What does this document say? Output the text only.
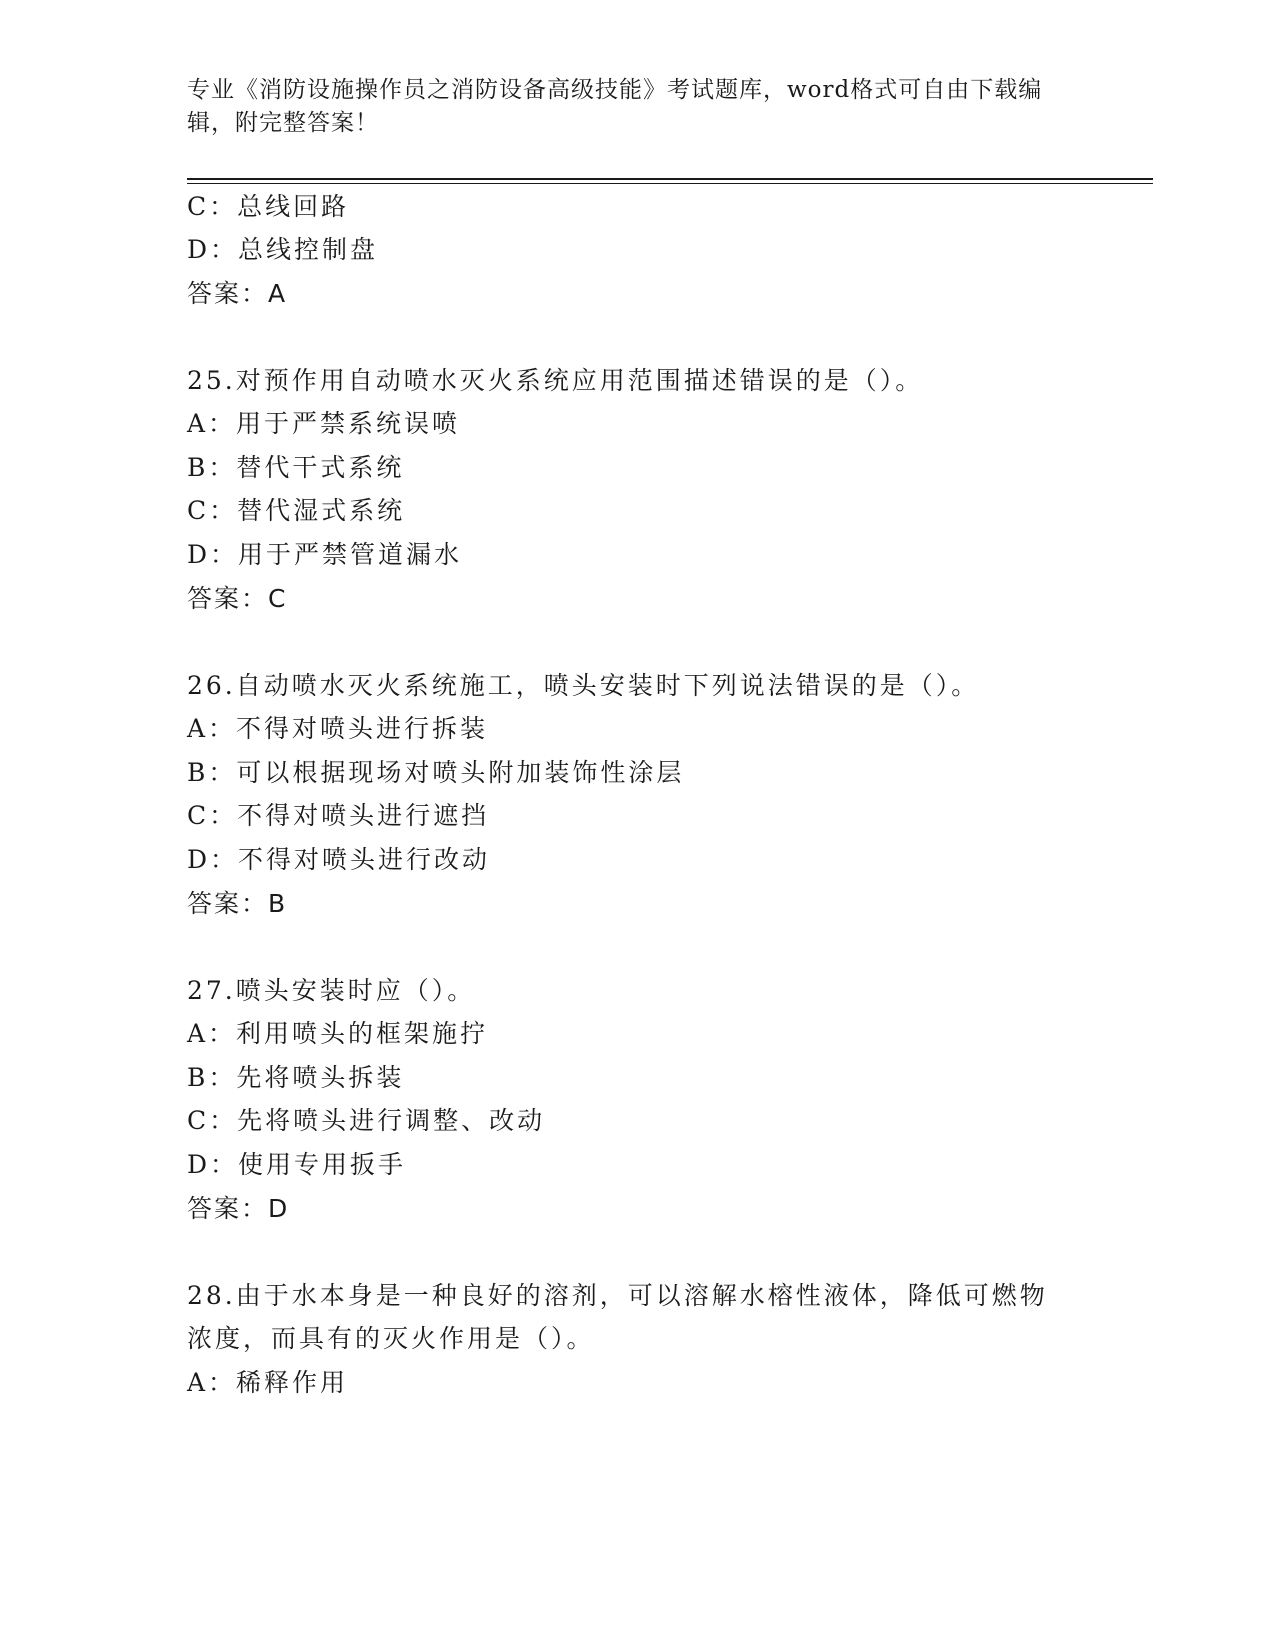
专业《消防设施操作员之消防设备高级技能》考试题库，word格式可自由下载编
辑，附完整答案！
C：总线回路
D：总线控制盘
答案：A
25.对预作用自动喷水灭火系统应用范围描述错误的是（）。
A：用于严禁系统误喷
B：替代干式系统
C：替代湿式系统
D：用于严禁管道漏水
答案：C
26.自动喷水灭火系统施工，喷头安装时下列说法错误的是（）。
A：不得对喷头进行拆装
B：可以根据现场对喷头附加装饰性涂层
C：不得对喷头进行遮挡
D：不得对喷头进行改动
答案：B
27.喷头安装时应（）。
A：利用喷头的框架施拧
B：先将喷头拆装
C：先将喷头进行调整、改动
D：使用专用扳手
答案：D
28.由于水本身是一种良好的溶剂，可以溶解水榕性液体，降低可燃物
浓度，而具有的灭火作用是（）。
A：稀释作用
